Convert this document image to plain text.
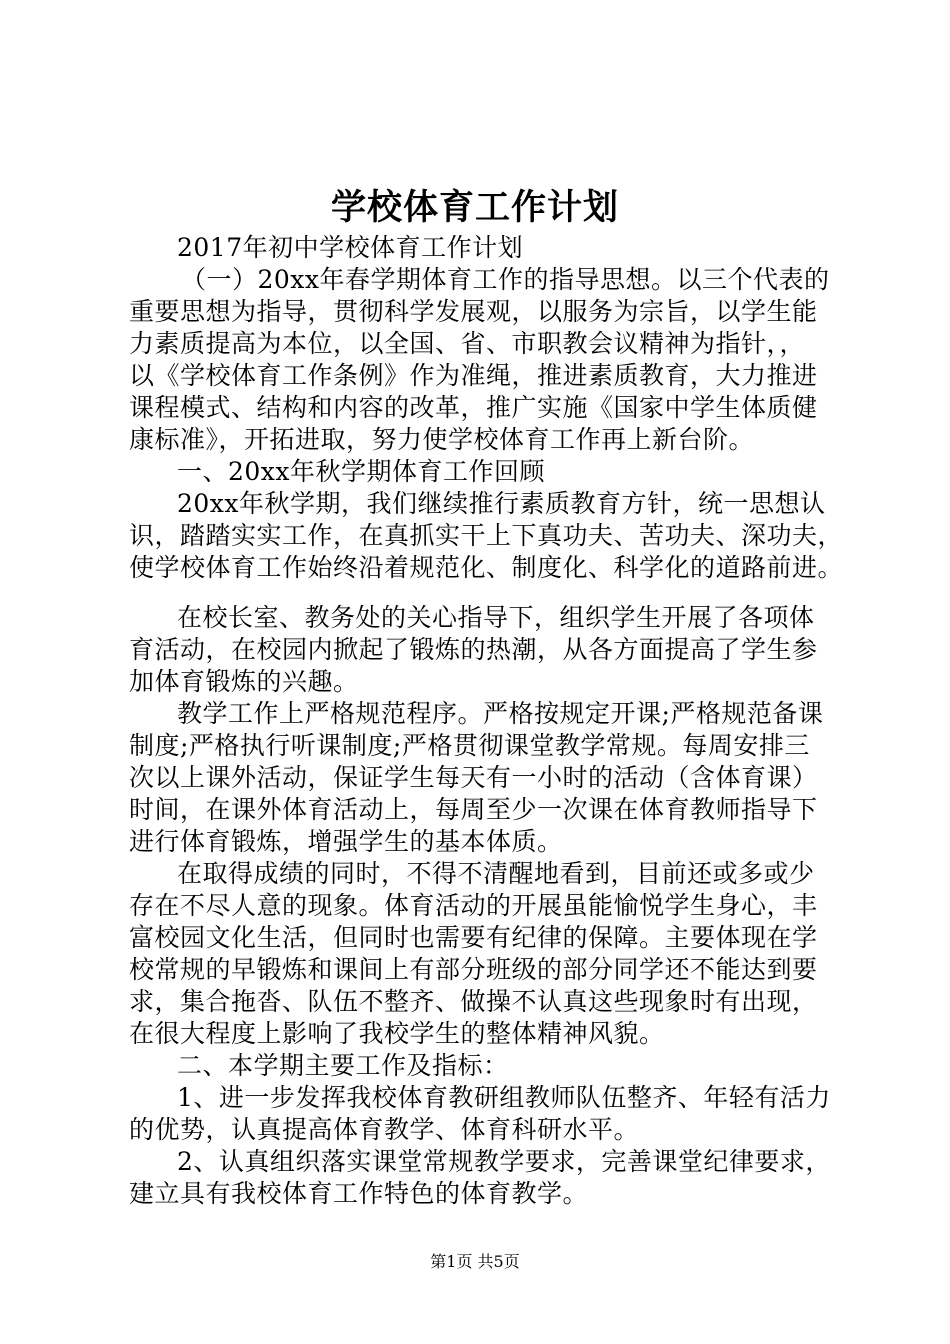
学校体育工作计划
2017年初中学校体育工作计划
（一）20xx年春学期体育工作的指导思想。以三个代表的
重要思想为指导，贯彻科学发展观，以服务为宗旨，以学生能
力素质提高为本位，以全国、省、市职教会议精神为指针，，
以《学校体育工作条例》作为准绳，推进素质教育，大力推进
课程模式、结构和内容的改革，推广实施《国家中学生体质健
康标准》，开拓进取，努力使学校体育工作再上新台阶。
一、20xx年秋学期体育工作回顾
20xx年秋学期，我们继续推行素质教育方针，统一思想认
识，踏踏实实工作，在真抓实干上下真功夫、苦功夫、深功夫，
使学校体育工作始终沿着规范化、制度化、科学化的道路前进。
在校长室、教务处的关心指导下，组织学生开展了各项体
育活动，在校园内掀起了锻炼的热潮，从各方面提高了学生参
加体育锻炼的兴趣。
教学工作上严格规范程序。严格按规定开课;严格规范备课
制度;严格执行听课制度;严格贯彻课堂教学常规。每周安排三
次以上课外活动，保证学生每天有一小时的活动（含体育课）
时间，在课外体育活动上，每周至少一次课在体育教师指导下
进行体育锻炼，增强学生的基本体质。
在取得成绩的同时，不得不清醒地看到，目前还或多或少
存在不尽人意的现象。体育活动的开展虽能愉悦学生身心，丰
富校园文化生活，但同时也需要有纪律的保障。主要体现在学
校常规的早锻炼和课间上有部分班级的部分同学还不能达到要
求，集合拖沓、队伍不整齐、做操不认真这些现象时有出现，
在很大程度上影响了我校学生的整体精神风貌。
二、本学期主要工作及指标：
1、进一步发挥我校体育教研组教师队伍整齐、年轻有活力
的优势，认真提高体育教学、体育科研水平。
2、认真组织落实课堂常规教学要求，完善课堂纪律要求，
建立具有我校体育工作特色的体育教学。
第1页 共5页
